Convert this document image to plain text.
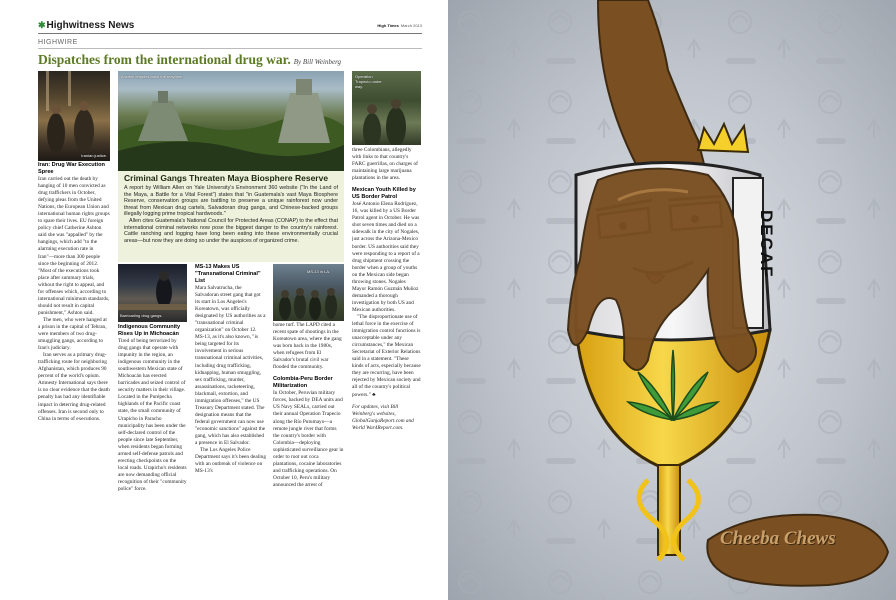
✱Highwitness News	High Times March 2013
HIGHWIRE
Dispatches from the international drug war. By Bill Weinberg
Iranian justice.
Ancient temples amid the mayhem.	Operation Trapecio under way.
Criminal Gangs Threaten Maya Biosphere Reserve

A report by William Allen on Yale University's Environment 360 website ("In the Land of the Maya, a Battle for a Vital Forest") states that "in Guatemala's vast Maya Biosphere Reserve, conservation groups are battling to preserve a unique rainforest now under threat from Mexican drug cartels, Salvadoran drug gangs, and Chinese-backed groups illegally logging prime tropical hardwoods."

Allen cites Guatemala's National Council for Protected Areas (CONAP) to the effect that international criminal networks now pose the biggest danger to the country's rainforest. Cattle ranching and logging have long been eating into these environmentally crucial areas—but now they are doing so under the auspices of organized crime.

Barricading drug gangs.
MS-13 in LA.

Iran: Drug War Execution Spree

Iran carried out the death by hanging of 10 men convicted as drug traffickers in October, defying pleas from the United Nations, the European Union and international human rights groups to spare their lives. EU foreign policy chief Catherine Ashton said she was "appalled" by the hangings, which add "to the alarming execution rate in Iran"—more than 300 people since the beginning of 2012. "Most of the executions took place after summary trials, without the right to appeal, and for offenses which, according to international minimum standards, should not result in capital punishment," Ashton said.

The men, who were hanged at a prison in the capital of Tehran, were members of two drug-smuggling gangs, according to Iran's judiciary.

Iran serves as a primary drug-trafficking route for neighboring Afghanistan, which produces 90 percent of the world's opium. Amnesty International says there is no clear evidence that the death penalty has had any identifiable impact in deterring drug-related offenses. Iran is second only to China in terms of executions.

Indigenous Community Rises Up in Michoacán

Tired of being terrorized by drug gangs that operate with impunity in the region, an indigenous community in the southwestern Mexican state of Michoacán has erected barricades and seized control of security matters in their village. Located in the Purépecha highlands of the Pacific coast state, the small community of Urapicho in Paracho municipality has been under the self-declared control of the people since late September, when residents began forming armed self-defense patrols and erecting checkpoints on the local roads. Urapicho's residents are now demanding official recognition of their "community police" force.

MS-13 Makes US "Transnational Criminal" List

Mara Salvatrucha, the Salvadoran street gang that got its start in Los Angeles's Koreatown, was officially designated by US authorities as a "transnational criminal organization" on October 12. MS-13, as it's also known, "is being targeted for its involvement in serious transnational criminal activities, including drug trafficking, kidnapping, human smuggling, sex trafficking, murder, assassinations, racketeering, blackmail, extortion, and immigration offenses," the US Treasury Department stated. The designation means that the federal government can now use "economic sanctions" against the gang, which has also established a presence in El Salvador.

The Los Angeles Police Department says it's been dealing with an outbreak of violence on MS-13's

home turf. The LAPD cited a recent spate of shootings in the Koreatown area, where the gang was born back in the 1980s, when refugees from El Salvador's brutal civil war flooded the community.

Colombia-Peru Border Militarization

In October, Peruvian military forces, backed by DEA units and US Navy SEALs, carried out their annual Operation Trapecio along the Río Putumayo—a remote jungle river that forms the country's border with Colombia—deploying sophisticated surveillance gear in order to root out coca plantations, cocaine laboratories and trafficking operations. On October 10, Peru's military announced the arrest of

three Colombians, allegedly with links to that country's FARC guerrillas, on charges of maintaining large marijuana plantations in the area.

Mexican Youth Killed by US Border Patrol

José Antonio Elena Rodríguez, 16, was killed by a US Border Patrol agent in October. He was shot seven times and died on a sidewalk in the city of Nogales, just across the Arizona-Mexico border. US authorities said they were responding to a report of a drug shipment crossing the border when a group of youths on the Mexican side began throwing stones. Nogales Mayor Ramón Guzmán Muñoz demanded a thorough investigation by both US and Mexican authorities.

"The disproportionate use of lethal force in the exercise of immigration control functions is unacceptable under any circumstances," the Mexican Secretariat of Exterior Relations said in a statement. "These kinds of acts, especially because they are recurring, have been rejected by Mexican society and all of the country's political powers." ♣

For updates, visit Bill Weinberg's websites, GlobalGanjaReport.com and World War4Report.com.

DECAF
Cheeba Chews
